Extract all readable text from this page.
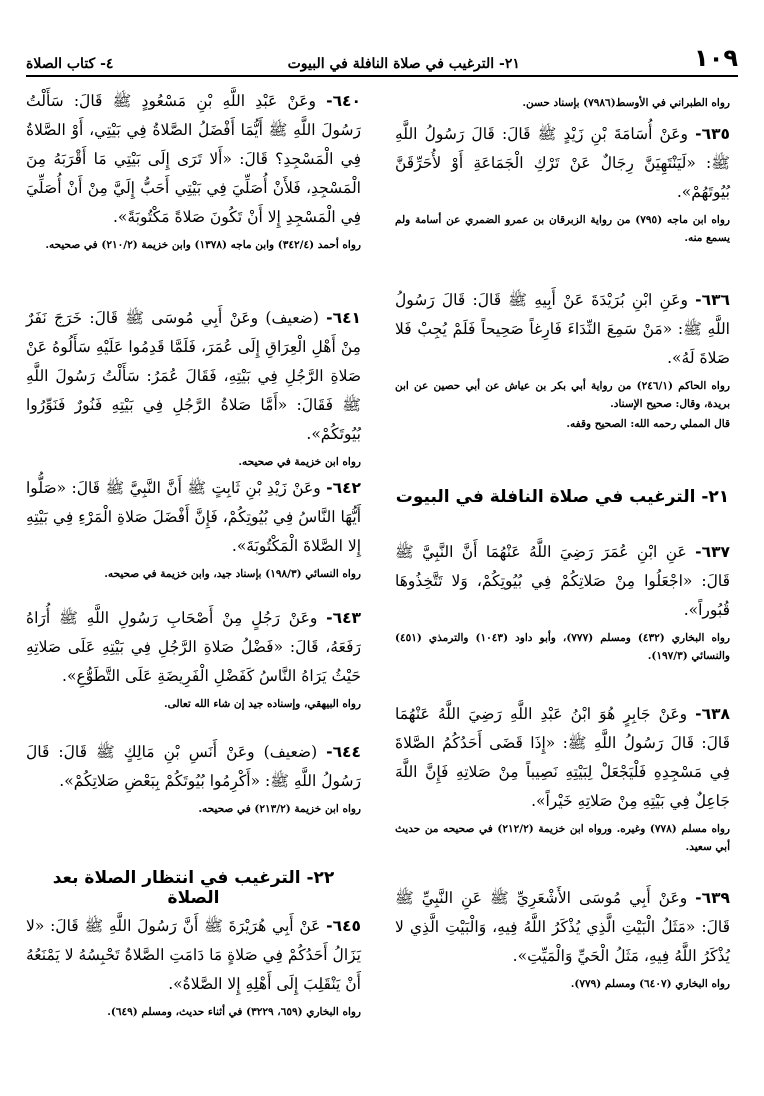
١٠٩
٢١- الترغيب في صلاة النافلة في البيوت
٤- كتاب الصلاة

رواه الطبراني في الأوسط(٧٩٨٦) بإسناد حسن.

٦٣٥- وعَنْ أُسَامَةَ بْنِ زَيْدٍ ﷺ قَالَ: قَالَ رَسُولُ اللَّهِ ﷺ: «لَيَنْتَهِيَنَّ رِجَالٌ عَنْ تَرْكِ الْجَمَاعَةِ أَوْ لأُحَرِّقَنَّ بُيُوتَهُمْ».

رواه ابن ماجه (٧٩٥) من رواية الزبرقان بن عمرو الضمري عن أسامة ولم يسمع منه.

٦٣٦- وعَنِ ابْنِ بُرَيْدَةَ عَنْ أَبِيهِ ﷺ قَالَ: قَالَ رَسُولُ اللَّهِ ﷺ: «مَنْ سَمِعَ النِّدَاءَ فَارِغاً صَحِيحاً فَلَمْ يُجِبْ فَلا صَلاةَ لَهُ».

رواه الحاكم (٢٤٦/١) من رواية أبي بكر بن عياش عن أبي حصين عن ابن بريدة، وقال: صحيح الإسناد.

قال المملي رحمه الله: الصحيح وقفه.

٢١- الترغيب في صلاة النافلة في البيوت

٦٣٧- عَنِ ابْنِ عُمَرَ رَضِيَ اللَّهُ عَنْهُمَا أَنَّ النَّبِيَّ ﷺ قَالَ: «اجْعَلُوا مِنْ صَلاتِكُمْ فِي بُيُوتِكُمْ، وَلا تَتَّخِذُوهَا قُبُوراً».

رواه البخاري (٤٣٢) ومسلم (٧٧٧)، وأبو داود (١٠٤٣) والترمذي (٤٥١) والنسائي (١٩٧/٣).

٦٣٨- وعَنْ جَابِرٍ هُوَ ابْنُ عَبْدِ اللَّهِ رَضِيَ اللَّهُ عَنْهُمَا قَالَ: قَالَ رَسُولُ اللَّهِ ﷺ: «إِذَا قَضَى أَحَدُكُمُ الصَّلاةَ فِي مَسْجِدِهِ فَلْيَجْعَلْ لِبَيْتِهِ نَصِيباً مِنْ صَلاتِهِ فَإِنَّ اللَّهَ جَاعِلٌ فِي بَيْتِهِ مِنْ صَلاتِهِ خَيْراً».

رواه مسلم (٧٧٨) وغيره. ورواه ابن خزيمة (٢١٢/٢) في صحيحه من حديث أبي سعيد.

٦٣٩- وعَنْ أَبِي مُوسَى الأَشْعَرِيِّ ﷺ عَنِ النَّبِيِّ ﷺ قَالَ: «مَثَلُ الْبَيْتِ الَّذِي يُذْكَرُ اللَّهُ فِيهِ، وَالْبَيْتِ الَّذِي لا يُذْكَرُ اللَّهُ فِيهِ، مَثَلُ الْحَيِّ وَالْمَيِّتِ».

رواه البخاري (٦٤٠٧) ومسلم (٧٧٩).

٦٤٠- وعَنْ عَبْدِ اللَّهِ بْنِ مَسْعُودٍ ﷺ قَالَ: سَأَلْتُ رَسُولَ اللَّهِ ﷺ أَيُّمَا أَفْضَلُ الصَّلاةُ فِي بَيْتِي، أَوْ الصَّلاةُ فِي الْمَسْجِدِ؟ قَالَ: «أَلا تَرَى إِلَى بَيْتِي مَا أَقْرَبَهُ مِنَ الْمَسْجِدِ، فَلأَنْ أُصَلِّيَ فِي بَيْتِي أَحَبُّ إِلَيَّ مِنْ أَنْ أُصَلِّيَ فِي الْمَسْجِدِ إِلا أَنْ تَكُونَ صَلاةً مَكْتُوبَةً».

رواه أحمد (٣٤٢/٤) وابن ماجه (١٣٧٨) وابن خزيمة (٢١٠/٢) في صحيحه.

٦٤١- (ضعيف) وعَنْ أَبِي مُوسَى ﷺ قَالَ: خَرَجَ نَفَرٌ مِنْ أَهْلِ الْعِرَاقِ إِلَى عُمَرَ، فَلَمَّا قَدِمُوا عَلَيْهِ سَأَلُوهُ عَنْ صَلاةِ الرَّجُلِ فِي بَيْتِهِ، فَقَالَ عُمَرُ: سَأَلْتُ رَسُولَ اللَّهِ ﷺ فَقَالَ: «أَمَّا صَلاةُ الرَّجُلِ فِي بَيْتِهِ فَنُورٌ فَنَوِّرُوا بُيُوتَكُمْ».

رواه ابن خزيمة في صحيحه.

٦٤٢- وعَنْ زَيْدِ بْنِ ثَابِتٍ ﷺ أَنَّ النَّبِيَّ ﷺ قَالَ: «صَلُّوا أَيُّهَا النَّاسُ فِي بُيُوتِكُمْ، فَإِنَّ أَفْضَلَ صَلاةِ الْمَرْءِ فِي بَيْتِهِ إِلا الصَّلاةَ الْمَكْتُوبَةَ».

رواه النسائي (١٩٨/٣) بإسناد جيد، وابن خزيمة في صحيحه.

٦٤٣- وعَنْ رَجُلٍ مِنْ أَصْحَابِ رَسُولِ اللَّهِ ﷺ أُرَاهُ رَفَعَهُ، قَالَ: «فَضْلُ صَلاةِ الرَّجُلِ فِي بَيْتِهِ عَلَى صَلاتِهِ حَيْثُ يَرَاهُ النَّاسُ كَفَضْلِ الْفَرِيضَةِ عَلَى التَّطَوُّعِ».

رواه البيهقي، وإسناده جيد إن شاء الله تعالى.

٦٤٤- (ضعيف) وعَنْ أَنَسِ بْنِ مَالِكٍ ﷺ قَالَ: قَالَ رَسُولُ اللَّهِ ﷺ: «أَكْرِمُوا بُيُوتَكُمْ بِبَعْضِ صَلاتِكُمْ».

رواه ابن خزيمة (٢١٣/٢) في صحيحه.

٢٢- الترغيب في انتظار الصلاة بعد الصلاة

٦٤٥- عَنْ أَبِي هُرَيْرَةَ ﷺ أَنَّ رَسُولَ اللَّهِ ﷺ قَالَ: «لا يَزَالُ أَحَدُكُمْ فِي صَلاةٍ مَا دَامَتِ الصَّلاةُ تَحْبِسُهُ لا يَمْنَعُهُ أَنْ يَنْقَلِبَ إِلَى أَهْلِهِ إِلا الصَّلاةُ».

رواه البخاري (٦٥٩، ٣٢٢٩) في أثناء حديث، ومسلم (٦٤٩).
